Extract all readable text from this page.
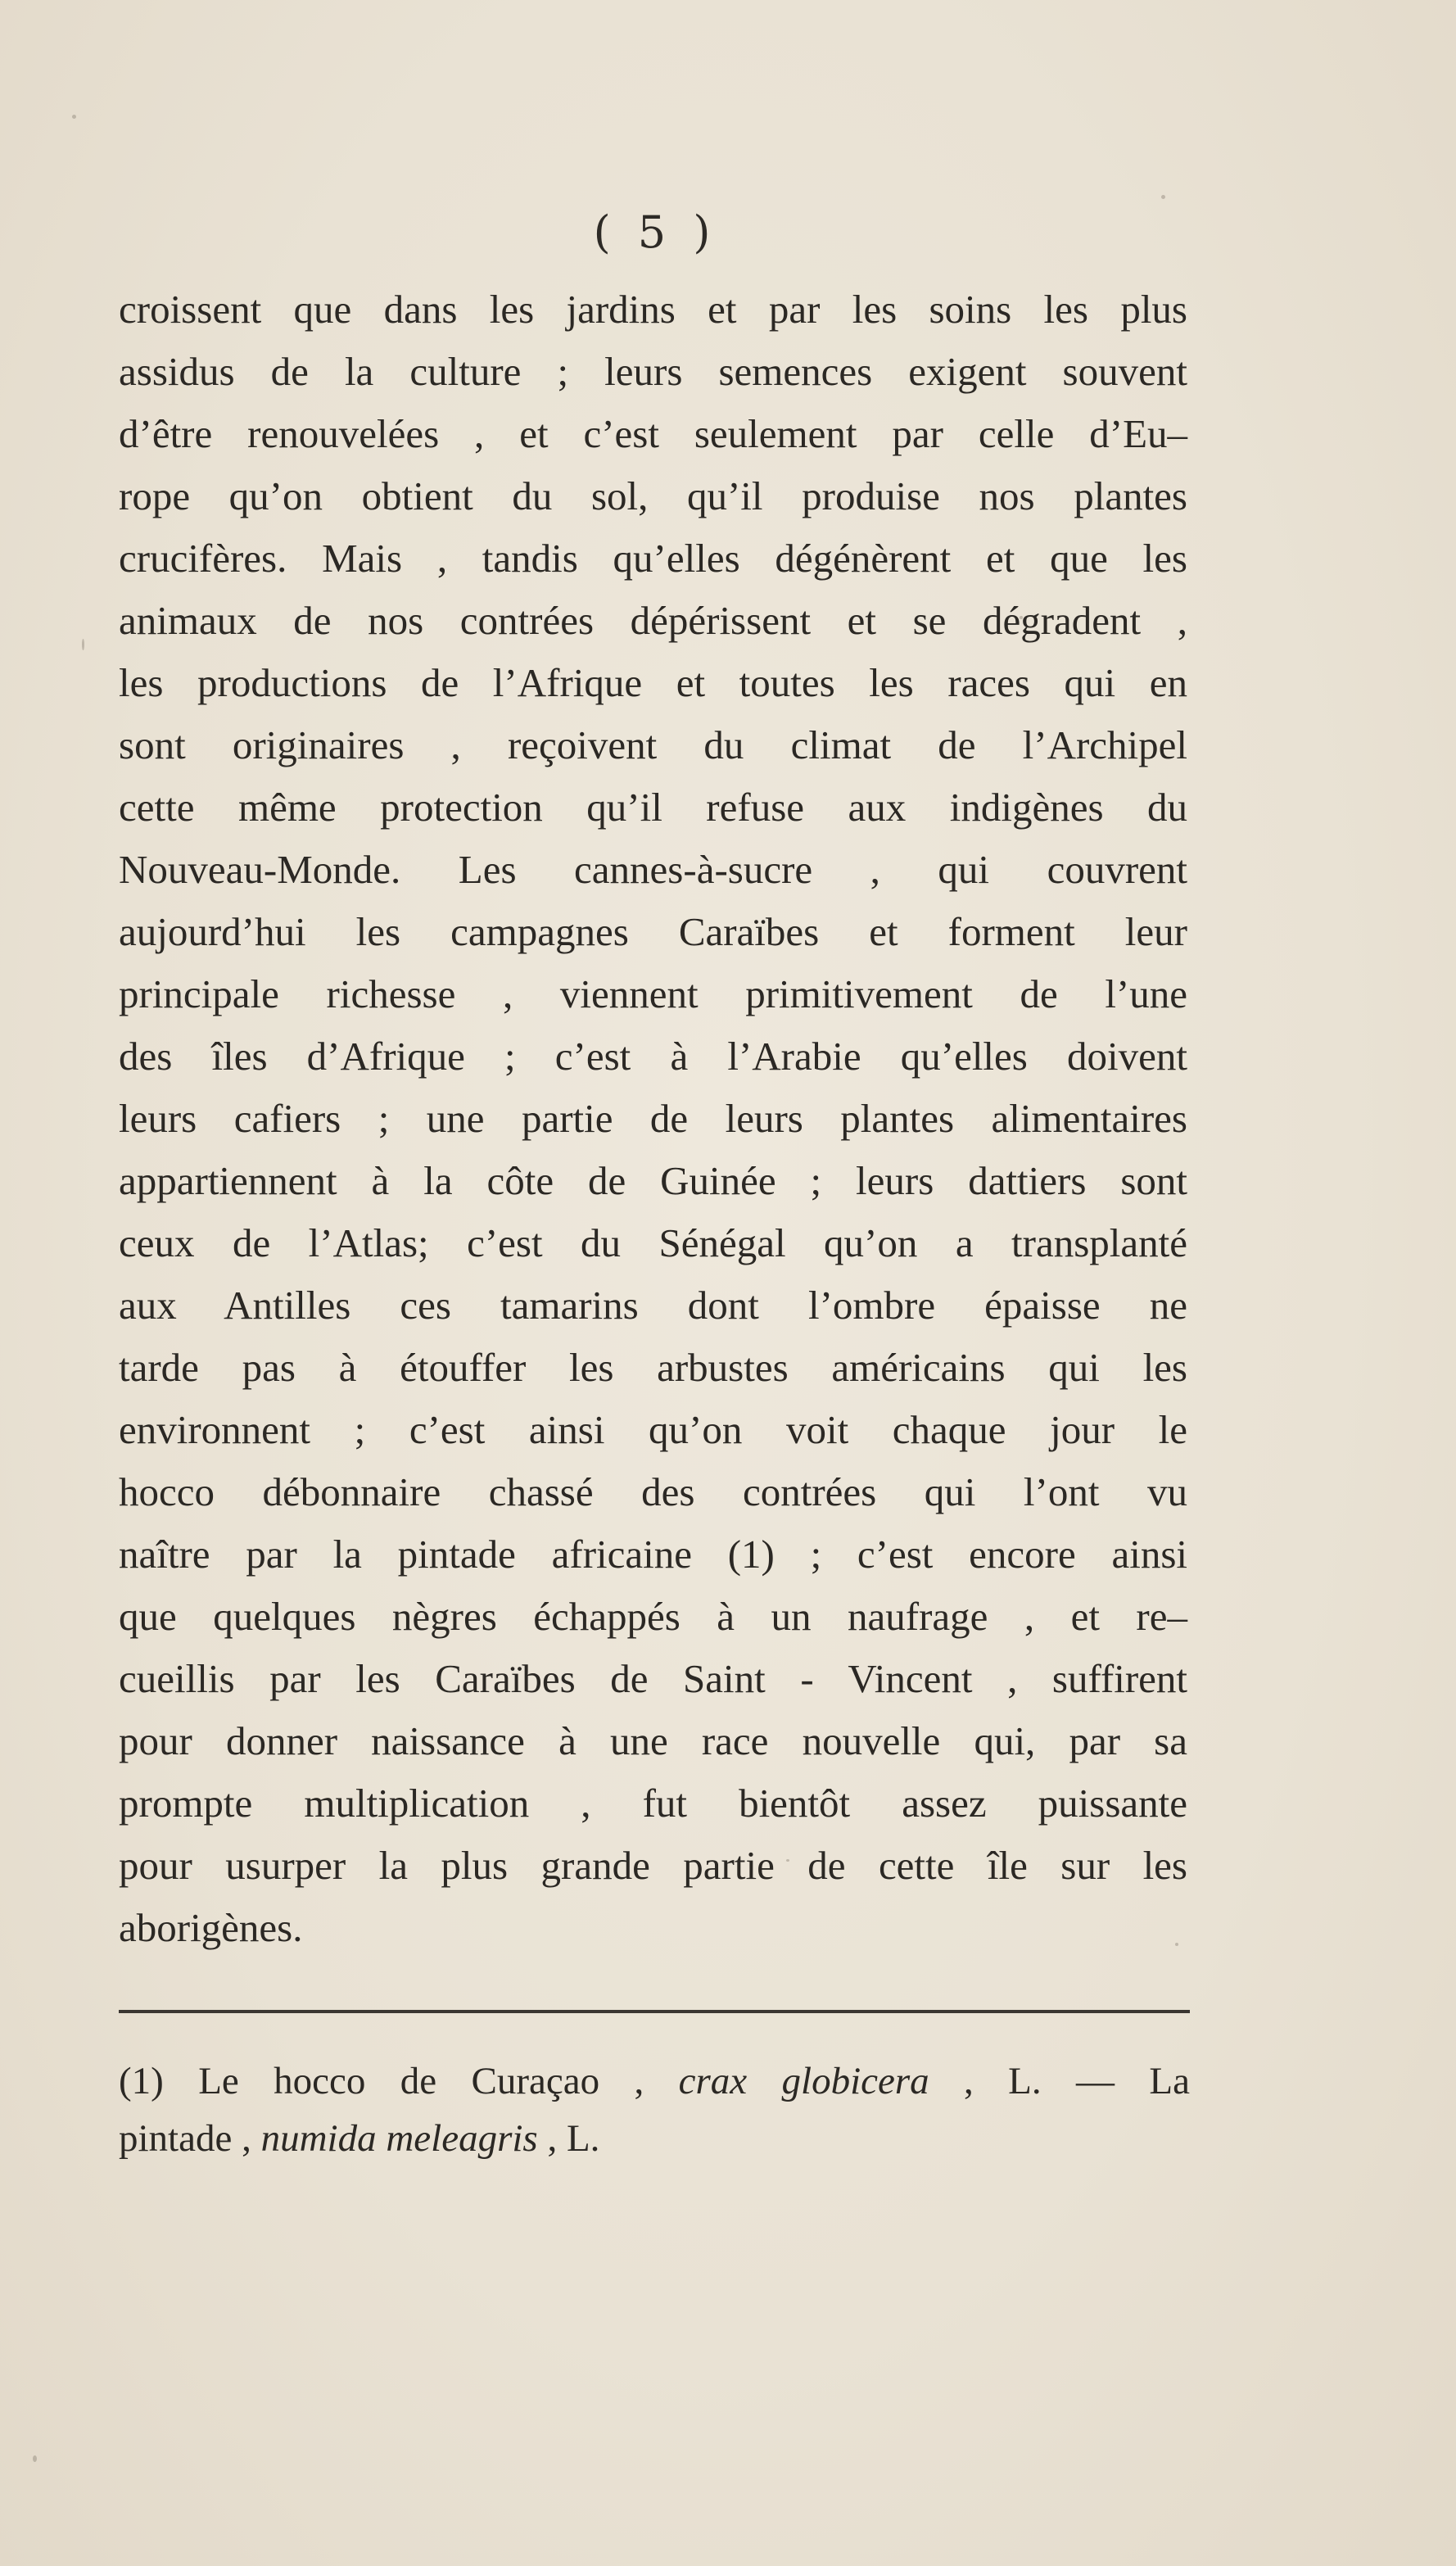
( 5 )
croissent que dans les jardins et par les soins les plus
assidus de la culture ; leurs semences exigent souvent
d’être renouvelées , et c’est seulement par celle d’Eu–
rope qu’on obtient du sol, qu’il produise nos plantes
crucifères. Mais , tandis qu’elles dégénèrent et que les
animaux de nos contrées dépérissent et se dégradent ,
les productions de l’Afrique et toutes les races qui en
sont originaires , reçoivent du climat de l’Archipel
cette même protection qu’il refuse aux indigènes du
Nouveau-Monde. Les cannes-à-sucre , qui couvrent
aujourd’hui les campagnes Caraïbes et forment leur
principale richesse , viennent primitivement de l’une
des îles d’Afrique ; c’est à l’Arabie qu’elles doivent
leurs cafiers ; une partie de leurs plantes alimentaires
appartiennent à la côte de Guinée ; leurs dattiers sont
ceux de l’Atlas; c’est du Sénégal qu’on a transplanté
aux Antilles ces tamarins dont l’ombre épaisse ne
tarde pas à étouffer les arbustes américains qui les
environnent ; c’est ainsi qu’on voit chaque jour le
hocco débonnaire chassé des contrées qui l’ont vu
naître par la pintade africaine (1) ; c’est encore ainsi
que quelques nègres échappés à un naufrage , et re–
cueillis par les Caraïbes de Saint - Vincent , suffirent
pour donner naissance à une race nouvelle qui, par sa
prompte multiplication , fut bientôt assez puissante
pour usurper la plus grande partie de cette île sur les
aborigènes.
(1) Le hocco de Curaçao , crax globicera , L. — La
pintade , numida meleagris , L.
